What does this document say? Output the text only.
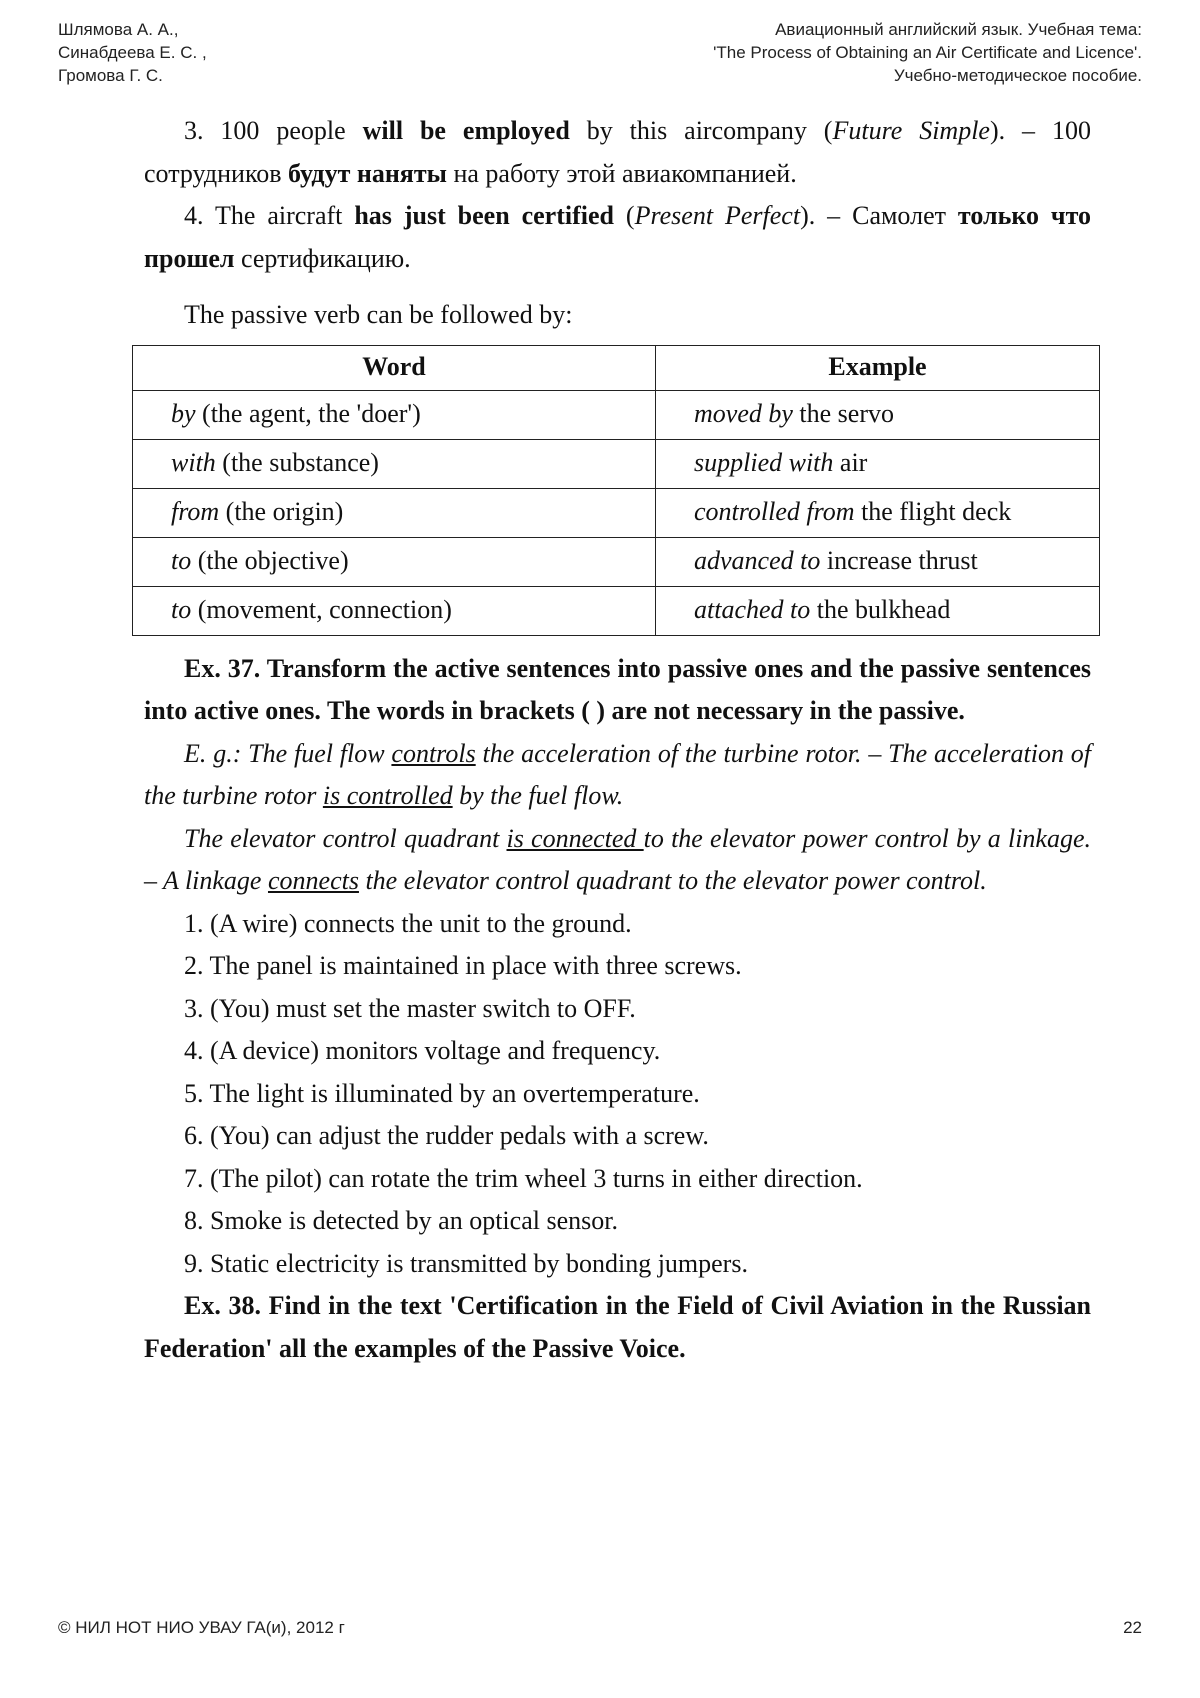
Шлямова А. А.,
Синабдеева Е. С. ,
Громова Г. С.
Авиационный английский язык. Учебная тема:
'The Process of Obtaining an Air Certificate and Licence'.
Учебно-методическое пособие.

3. 100 people will be employed by this aircompany (Future Simple). – 100 сотрудников будут наняты на работу этой авиакомпанией.

4. The aircraft has just been certified (Present Perfect). – Самолет только что прошел сертификацию.

The passive verb can be followed by:

Word	Example
by (the agent, the 'doer')	moved by the servo
with (the substance)	supplied with air
from (the origin)	controlled from the flight deck
to (the objective)	advanced to increase thrust
to (movement, connection)	attached to the bulkhead

Ex. 37. Transform the active sentences into passive ones and the passive sentences into active ones. The words in brackets ( ) are not necessary in the passive.

E. g.: The fuel flow controls the acceleration of the turbine rotor. – The acceleration of the turbine rotor is controlled by the fuel flow.

The elevator control quadrant is connected to the elevator power control by a linkage. – A linkage connects the elevator control quadrant to the elevator power control.

1. (A wire) connects the unit to the ground.

2. The panel is maintained in place with three screws.

3. (You) must set the master switch to OFF.

4. (A device) monitors voltage and frequency.

5. The light is illuminated by an overtemperature.

6. (You) can adjust the rudder pedals with a screw.

7. (The pilot) can rotate the trim wheel 3 turns in either direction.

8. Smoke is detected by an optical sensor.

9. Static electricity is transmitted by bonding jumpers.

Ex. 38. Find in the text 'Certification in the Field of Civil Aviation in the Russian Federation' all the examples of the Passive Voice.

© НИЛ НОТ НИО УВАУ ГА(и), 2012 г	22
